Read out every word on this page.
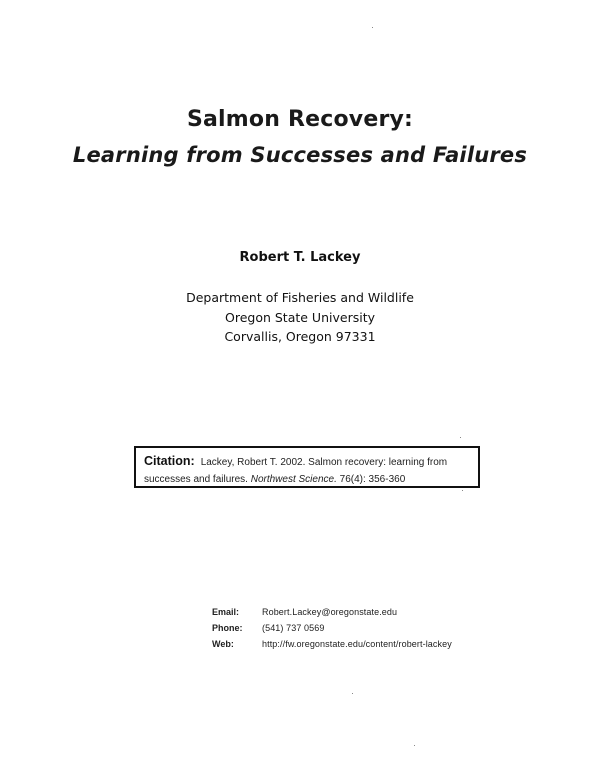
Salmon Recovery:
Learning from Successes and Failures
Robert T. Lackey
Department of Fisheries and Wildlife
Oregon State University
Corvallis, Oregon 97331
Citation: Lackey, Robert T. 2002. Salmon recovery: learning from
successes and failures. Northwest Science. 76(4): 356-360
Email:	Robert.Lackey@oregonstate.edu
Phone:	(541) 737 0569
Web:	http://fw.oregonstate.edu/content/robert-lackey
